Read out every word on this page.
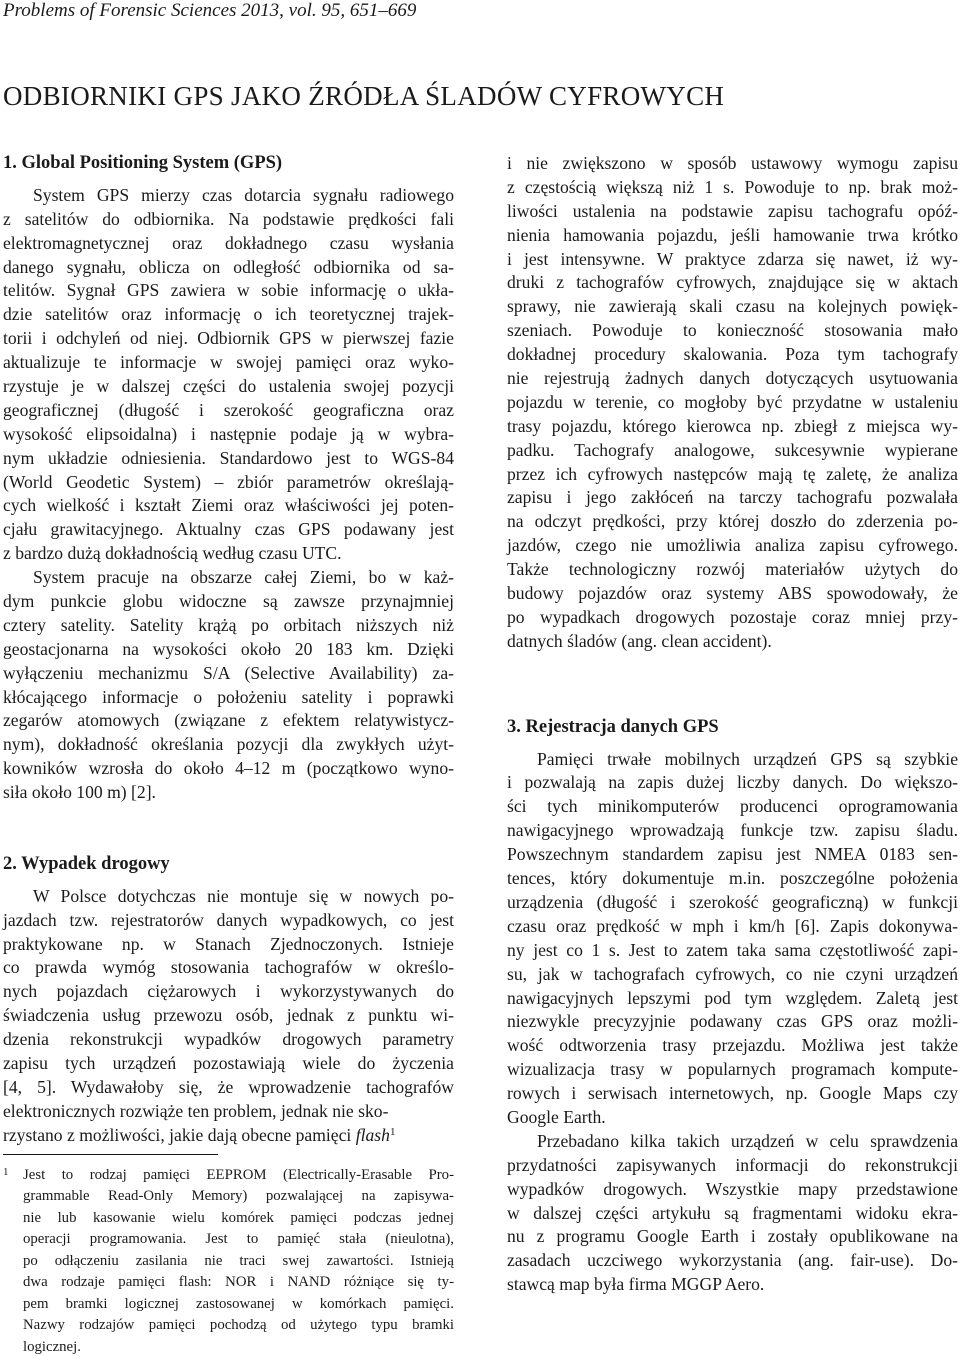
Problems of Forensic Sciences 2013, vol. 95, 651–669
ODBIORNIKI GPS JAKO ŹRÓDŁA ŚLADÓW CYFROWYCH
1. Global Positioning System (GPS)
System GPS mierzy czas dotarcia sygnału radiowego
z satelitów do odbiornika. Na podstawie prędkości fali
elektromagnetycznej oraz dokładnego czasu wysłania
danego sygnału, oblicza on odległość odbiornika od sa-
telitów. Sygnał GPS zawiera w sobie informację o ukła-
dzie satelitów oraz informację o ich teoretycznej trajek-
torii i odchyleń od niej. Odbiornik GPS w pierwszej fazie
aktualizuje te informacje w swojej pamięci oraz wyko-
rzystuje je w dalszej części do ustalenia swojej pozycji
geograficznej (długość i szerokość geograficzna oraz
wysokość elipsoidalna) i następnie podaje ją w wybra-
nym układzie odniesienia. Standardowo jest to WGS-84
(World Geodetic System) – zbiór parametrów określają-
cych wielkość i kształt Ziemi oraz właściwości jej poten-
cjału grawitacyjnego. Aktualny czas GPS podawany jest
z bardzo dużą dokładnością według czasu UTC.
System pracuje na obszarze całej Ziemi, bo w każ-
dym punkcie globu widoczne są zawsze przynajmniej
cztery satelity. Satelity krążą po orbitach niższych niż
geostacjonarna na wysokości około 20 183 km. Dzięki
wyłączeniu mechanizmu S/A (Selective Availability) za-
kłócającego informacje o położeniu satelity i poprawki
zegarów atomowych (związane z efektem relatywistycz-
nym), dokładność określania pozycji dla zwykłych użyt-
kowników wzrosła do około 4–12 m (początkowo wyno-
siła około 100 m) [2].
2. Wypadek drogowy
W Polsce dotychczas nie montuje się w nowych po-
jazdach tzw. rejestratorów danych wypadkowych, co jest
praktykowane np. w Stanach Zjednoczonych. Istnieje
co prawda wymóg stosowania tachografów w określo-
nych pojazdach ciężarowych i wykorzystywanych do
świadczenia usług przewozu osób, jednak z punktu wi-
dzenia rekonstrukcji wypadków drogowych parametry
zapisu tych urządzeń pozostawiają wiele do życzenia
[4, 5]. Wydawałoby się, że wprowadzenie tachografów
elektronicznych rozwiąże ten problem, jednak nie sko-
rzystano z możliwości, jakie dają obecne pamięci flash$^1$
1 Jest to rodzaj pamięci EEPROM (Electrically-Erasable Pro-
grammable Read-Only Memory) pozwalającej na zapisywa-
nie lub kasowanie wielu komórek pamięci podczas jednej
operacji programowania. Jest to pamięć stała (nieulotna),
po odłączeniu zasilania nie traci swej zawartości. Istnieją
dwa rodzaje pamięci flash: NOR i NAND różniące się ty-
pem bramki logicznej zastosowanej w komórkach pamięci.
Nazwy rodzajów pamięci pochodzą od użytego typu bramki
logicznej.
i nie zwiększono w sposób ustawowy wymogu zapisu
z częstością większą niż 1 s. Powoduje to np. brak moż-
liwości ustalenia na podstawie zapisu tachografu opóź-
nienia hamowania pojazdu, jeśli hamowanie trwa krótko
i jest intensywne. W praktyce zdarza się nawet, iż wy-
druki z tachografów cyfrowych, znajdujące się w aktach
sprawy, nie zawierają skali czasu na kolejnych powięk-
szeniach. Powoduje to konieczność stosowania mało
dokładnej procedury skalowania. Poza tym tachografy
nie rejestrują żadnych danych dotyczących usytuowania
pojazdu w terenie, co mogłoby być przydatne w ustaleniu
trasy pojazdu, którego kierowca np. zbiegł z miejsca wy-
padku. Tachografy analogowe, sukcesywnie wypierane
przez ich cyfrowych następców mają tę zaletę, że analiza
zapisu i jego zakłóceń na tarczy tachografu pozwalała
na odczyt prędkości, przy której doszło do zderzenia po-
jazdów, czego nie umożliwia analiza zapisu cyfrowego.
Także technologiczny rozwój materiałów użytych do
budowy pojazdów oraz systemy ABS spowodowały, że
po wypadkach drogowych pozostaje coraz mniej przy-
datnych śladów (ang. clean accident).
3. Rejestracja danych GPS
Pamięci trwałe mobilnych urządzeń GPS są szybkie
i pozwalają na zapis dużej liczby danych. Do większo-
ści tych minikomputerów producenci oprogramowania
nawigacyjnego wprowadzają funkcje tzw. zapisu śladu.
Powszechnym standardem zapisu jest NMEA 0183 sen-
tences, który dokumentuje m.in. poszczególne położenia
urządzenia (długość i szerokość geograficzną) w funkcji
czasu oraz prędkość w mph i km/h [6]. Zapis dokonywa-
ny jest co 1 s. Jest to zatem taka sama częstotliwość zapi-
su, jak w tachografach cyfrowych, co nie czyni urządzeń
nawigacyjnych lepszymi pod tym względem. Zaletą jest
niezwykle precyzyjnie podawany czas GPS oraz możli-
wość odtworzenia trasy przejazdu. Możliwa jest także
wizualizacja trasy w popularnych programach kompute-
rowych i serwisach internetowych, np. Google Maps czy
Google Earth.
Przebadano kilka takich urządzeń w celu sprawdzenia
przydatności zapisywanych informacji do rekonstrukcji
wypadków drogowych. Wszystkie mapy przedstawione
w dalszej części artykułu są fragmentami widoku ekra-
nu z programu Google Earth i zostały opublikowane na
zasadach uczciwego wykorzystania (ang. fair-use). Do-
stawcą map była firma MGGP Aero.
